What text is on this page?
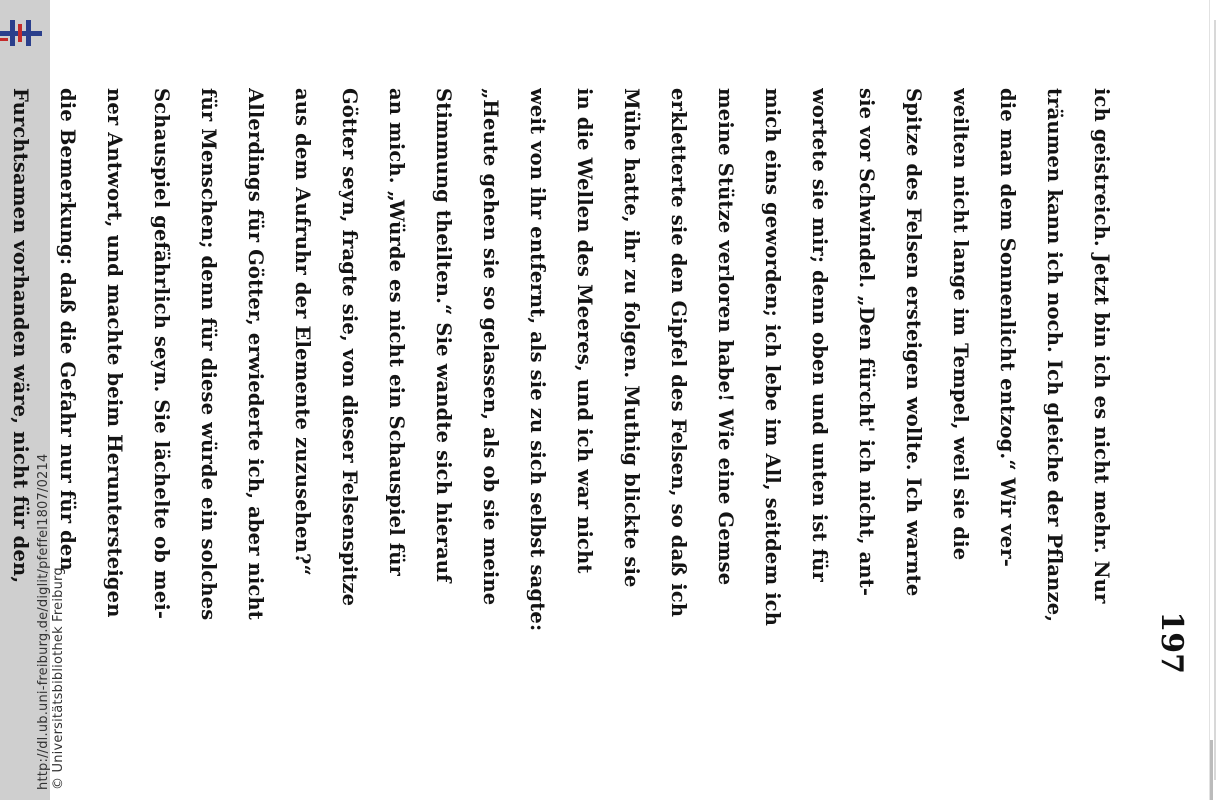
http://dl.ub.uni-freiburg.de/diglit/pfeffel1807/0214 © Universitätsbibliothek Freiburg	197
ich geistreich. Jetzt bin ich es nicht mehr. Nur
träumen kann ich noch. Ich gleiche der Pflanze,
die man dem Sonnenlicht entzog.“ Wir ver-
weilten nicht lange im Tempel, weil sie die
Spitze des Felsen ersteigen wollte. Ich warnte
sie vor Schwindel. „Den fürcht' ich nicht, ant-
wortete sie mir; denn oben und unten ist für
mich eins geworden; ich lebe im All, seitdem ich
meine Stütze verloren habe! Wie eine Gemse
erkletterte sie den Gipfel des Felsen, so daß ich
Mühe hatte, ihr zu folgen. Muthig blickte sie
in die Wellen des Meeres, und ich war nicht
weit von ihr entfernt, als sie zu sich selbst sagte:
„Heute gehen sie so gelassen, als ob sie meine
Stimmung theilten.“ Sie wandte sich hierauf
an mich. „Würde es nicht ein Schauspiel für
Götter seyn, fragte sie, von dieser Felsenspitze
aus dem Aufruhr der Elemente zuzusehen?“
Allerdings für Götter, erwiederte ich, aber nicht
für Menschen; denn für diese würde ein solches
Schauspiel gefährlich seyn. Sie lächelte ob mei-
ner Antwort, und machte beim Heruntersteigen
die Bemerkung: daß die Gefahr nur für den
Furchtsamen vorhanden wäre, nicht für den,
